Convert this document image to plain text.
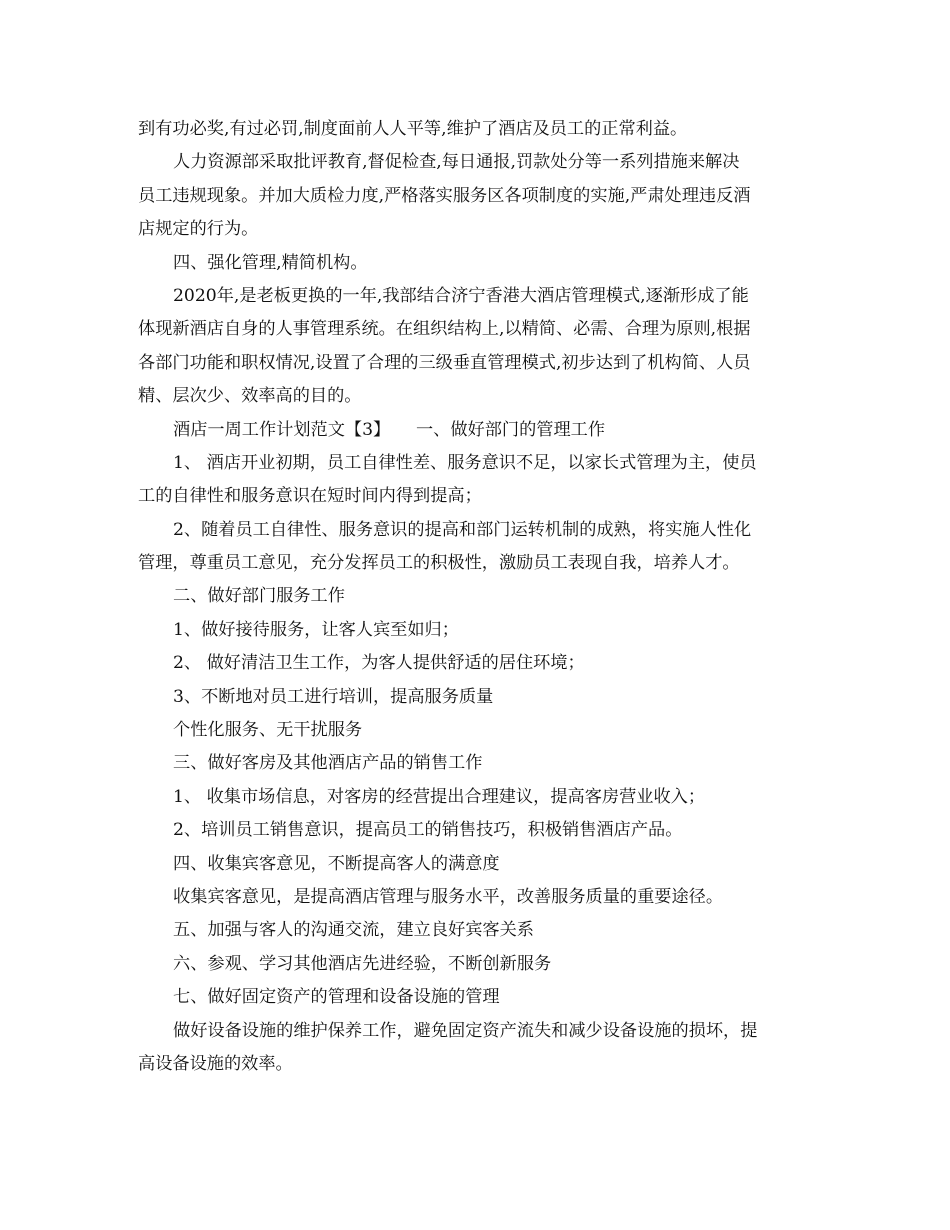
到有功必奖,有过必罚,制度面前人人平等,维护了酒店及员工的正常利益。
人力资源部采取批评教育,督促检查,每日通报,罚款处分等一系列措施来解决
员工违规现象。并加大质检力度,严格落实服务区各项制度的实施,严肃处理违反酒
店规定的行为。
四、强化管理,精简机构。
2020年,是老板更换的一年,我部结合济宁香港大酒店管理模式,逐渐形成了能
体现新酒店自身的人事管理系统。在组织结构上,以精简、必需、合理为原则,根据
各部门功能和职权情况,设置了合理的三级垂直管理模式,初步达到了机构简、人员
精、层次少、效率高的目的。
酒店一周工作计划范文【3】　　一、做好部门的管理工作
1、 酒店开业初期，员工自律性差、服务意识不足，以家长式管理为主，使员
工的自律性和服务意识在短时间内得到提高；
2、随着员工自律性、服务意识的提高和部门运转机制的成熟，将实施人性化
管理，尊重员工意见，充分发挥员工的积极性，激励员工表现自我，培养人才。
二、做好部门服务工作
1、做好接待服务，让客人宾至如归；
2、 做好清洁卫生工作，为客人提供舒适的居住环境；
3、不断地对员工进行培训，提高服务质量
个性化服务、无干扰服务
三、做好客房及其他酒店产品的销售工作
1、 收集市场信息，对客房的经营提出合理建议，提高客房营业收入；
2、培训员工销售意识，提高员工的销售技巧，积极销售酒店产品。
四、收集宾客意见，不断提高客人的满意度
收集宾客意见，是提高酒店管理与服务水平，改善服务质量的重要途径。
五、加强与客人的沟通交流，建立良好宾客关系
六、参观、学习其他酒店先进经验，不断创新服务
七、做好固定资产的管理和设备设施的管理
做好设备设施的维护保养工作，避免固定资产流失和减少设备设施的损坏，提
高设备设施的效率。
